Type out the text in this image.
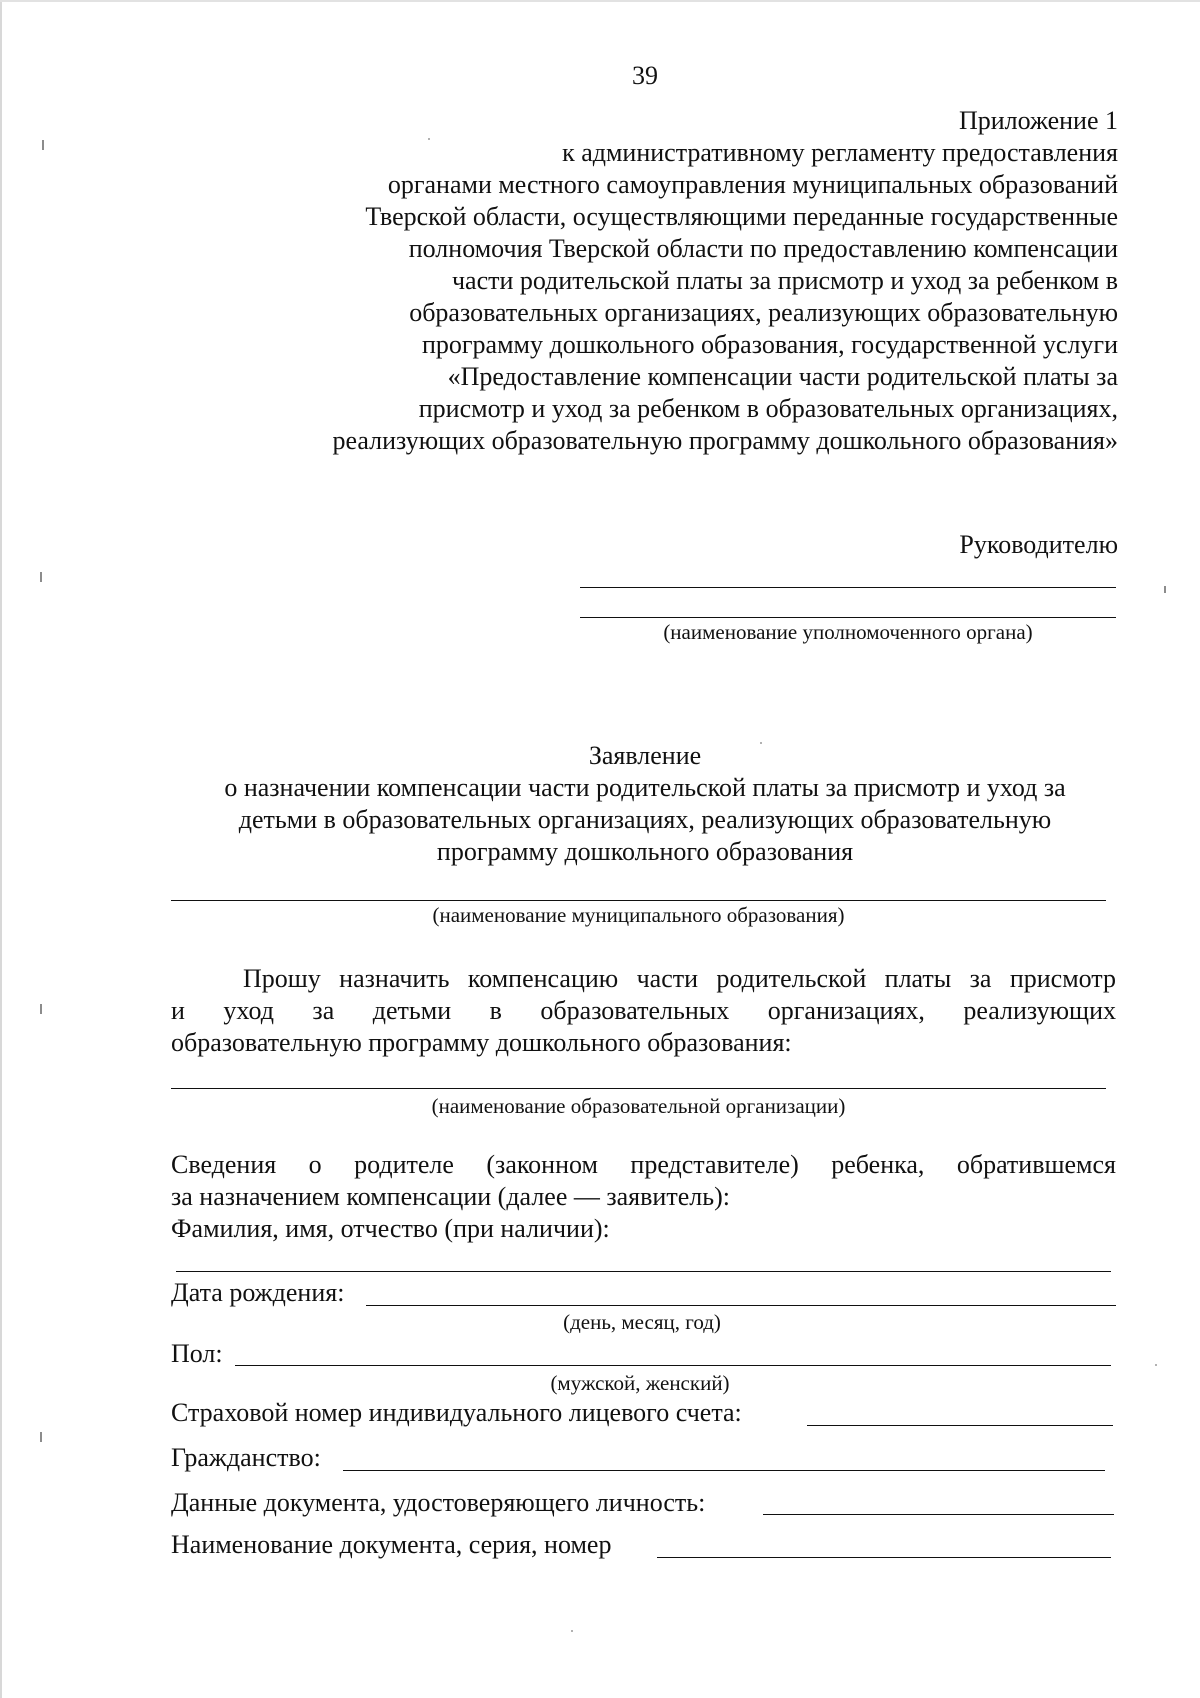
39
Приложение 1
к административному регламенту предоставления
органами местного самоуправления муниципальных образований
Тверской области, осуществляющими переданные государственные
полномочия Тверской области по предоставлению компенсации
части родительской платы за присмотр и уход за ребенком в
образовательных организациях, реализующих образовательную
программу дошкольного образования, государственной услуги
«Предоставление компенсации части родительской платы за
присмотр и уход за ребенком в образовательных организациях,
реализующих образовательную программу дошкольного образования»
Руководителю
(наименование уполномоченного органа)
Заявление
о назначении компенсации части родительской платы за присмотр и уход за
детьми в образовательных организациях, реализующих образовательную
программу дошкольного образования
(наименование муниципального образования)
Прошу назначить компенсацию части родительской платы за присмотр
и уход за детьми в образовательных организациях, реализующих
образовательную программу дошкольного образования:
(наименование образовательной организации)
Сведения о родителе (законном представителе) ребенка, обратившемся
за назначением компенсации (далее — заявитель):
Фамилия, имя, отчество (при наличии):
Дата рождения:
(день, месяц, год)
Пол:
(мужской, женский)
Страховой номер индивидуального лицевого счета:
Гражданство:
Данные документа, удостоверяющего личность:
Наименование документа, серия, номер
